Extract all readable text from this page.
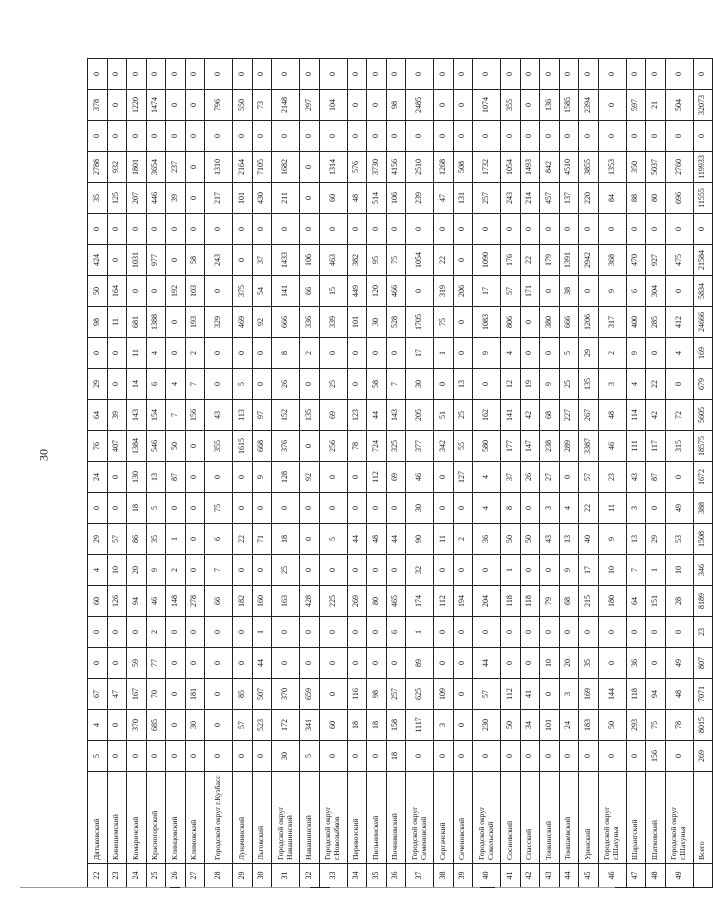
30
22	Дятьковский	5	4	67	0	0	60	4	29	0	24	76	64	29	0	98	50	424	0	35	2788	0	378	0
23	Кинешемский	0	0	47	0	0	126	10	57	0	0	407	39	0	0	11	164	0	0	125	932	0	0	0
24	Комаричский	0	370	167	59	0	94	20	86	18	130	1384	143	14	11	681	0	1031	0	207	1801	0	1220	0
25	Красногорский	0	685	70	77	2	46	9	35	5	13	546	154	6	4	1388	0	977	0	446	3654	0	1474	0
26	Клинцовский	0	0	0	0	0	148	2	1	0	87	50	7	4	0	0	192	0	0	39	237	0	0	0
27	Климовский	0	30	181	0	0	278	0	0	0	0	0	156	7	2	193	103	58	0	0	0	0	0	0
28	Городской округ г.Кузбасс	0	0	0	0	0	66	7	6	75	0	355	43	0	0	329	0	243	0	217	1310	0	796	0
29	Луначинский	0	57	85	0	0	182	0	22	0	0	1615	113	5	0	469	375	0	0	101	2164	0	550	0
30	Льговский	0	523	507	44	1	160	0	71	0	9	668	97	0	0	92	54	37	0	430	7105	0	73	0
31	Городской округ Навашинский	30	172	370	0	0	163	25	18	0	128	376	152	26	8	666	141	1433	0	211	1682	0	2148	0
32	Навашинский	5	341	659	0	0	428	0	0	0	92	0	135	0	2	336	66	106	0	0	0	0	297	0
33	Городской округ г.Новозыбков	0	60	0	0	0	225	0	5	0	0	256	69	25	0	339	15	463	0	60	1314	0	104	0
34	Перевозский	0	18	116	0	0	269	0	44	0	0	78	123	0	0	101	449	382	0	48	576	0	0	0
35	Пильнинский	0	18	98	0	0	80	0	48	0	112	724	44	58	0	30	120	95	0	514	3730	0	0	0
36	Починковский	18	158	257	0	6	465	0	44	0	69	325	143	7	0	528	466	75	0	106	4156	0	98	0
37	Городской округ Семеновский	0	1117	625	89	1	174	32	90	30	46	377	205	30	17	1705	0	1054	0	239	2510	0	2485	0
38	Сергачский	0	3	109	0	0	112	0	11	0	0	342	51	0	1	75	319	22	0	47	1268	0	0	0
39	Сеченовский	0	0	0	0	0	194	0	2	0	127	55	25	13	0	0	206	0	0	131	508	0	0	0
40	Городской округ Сокольский	0	230	57	44	0	204	0	36	4	4	580	162	0	9	1083	17	1090	0	257	1732	0	1074	0
41	Сосновский	0	50	112	0	0	118	1	50	8	37	177	141	12	4	806	57	176	0	243	1054	0	355	0
42	Спасский	0	34	41	0	0	118	0	50	0	26	147	42	19	0	0	171	22	0	214	1493	0	0	0
43	Тонкинский	0	101	0	10	0	79	0	43	3	27	238	68	9	0	380	0	179	0	457	842	0	136	0
44	Тоншаевский	0	24	3	20	0	68	9	13	4	0	289	227	25	5	666	38	1391	0	137	4510	0	1585	0
45	Уренский	0	183	169	35	0	215	17	40	22	57	3387	267	135	29	1206	0	2942	0	220	3855	0	2394	0
46	Городской округ г.Шахунья	0	50	144	0	0	180	10	9	11	23	46	48	3	2	317	9	368	0	84	1353	0	0	0
47	Шарангский	0	293	118	36	0	64	7	13	3	43	111	114	4	9	400	6	470	0	88	350	0	597	0
48	Шатковский	156	75	94	0	0	151	1	29	0	87	117	42	22	0	285	304	927	0	80	5037	0	21	0
49	Городской округ г.Шахунья	0	78	48	49	0	28	10	53	49	0	315	72	0	4	412	0	475	0	696	2760	0	504	0
	Всего	269	8015	7071	807	23	8189	346	1508	388	1672	18575	5605	679	169	24666	5834	21584	0	11555	119933	0	32073	0
